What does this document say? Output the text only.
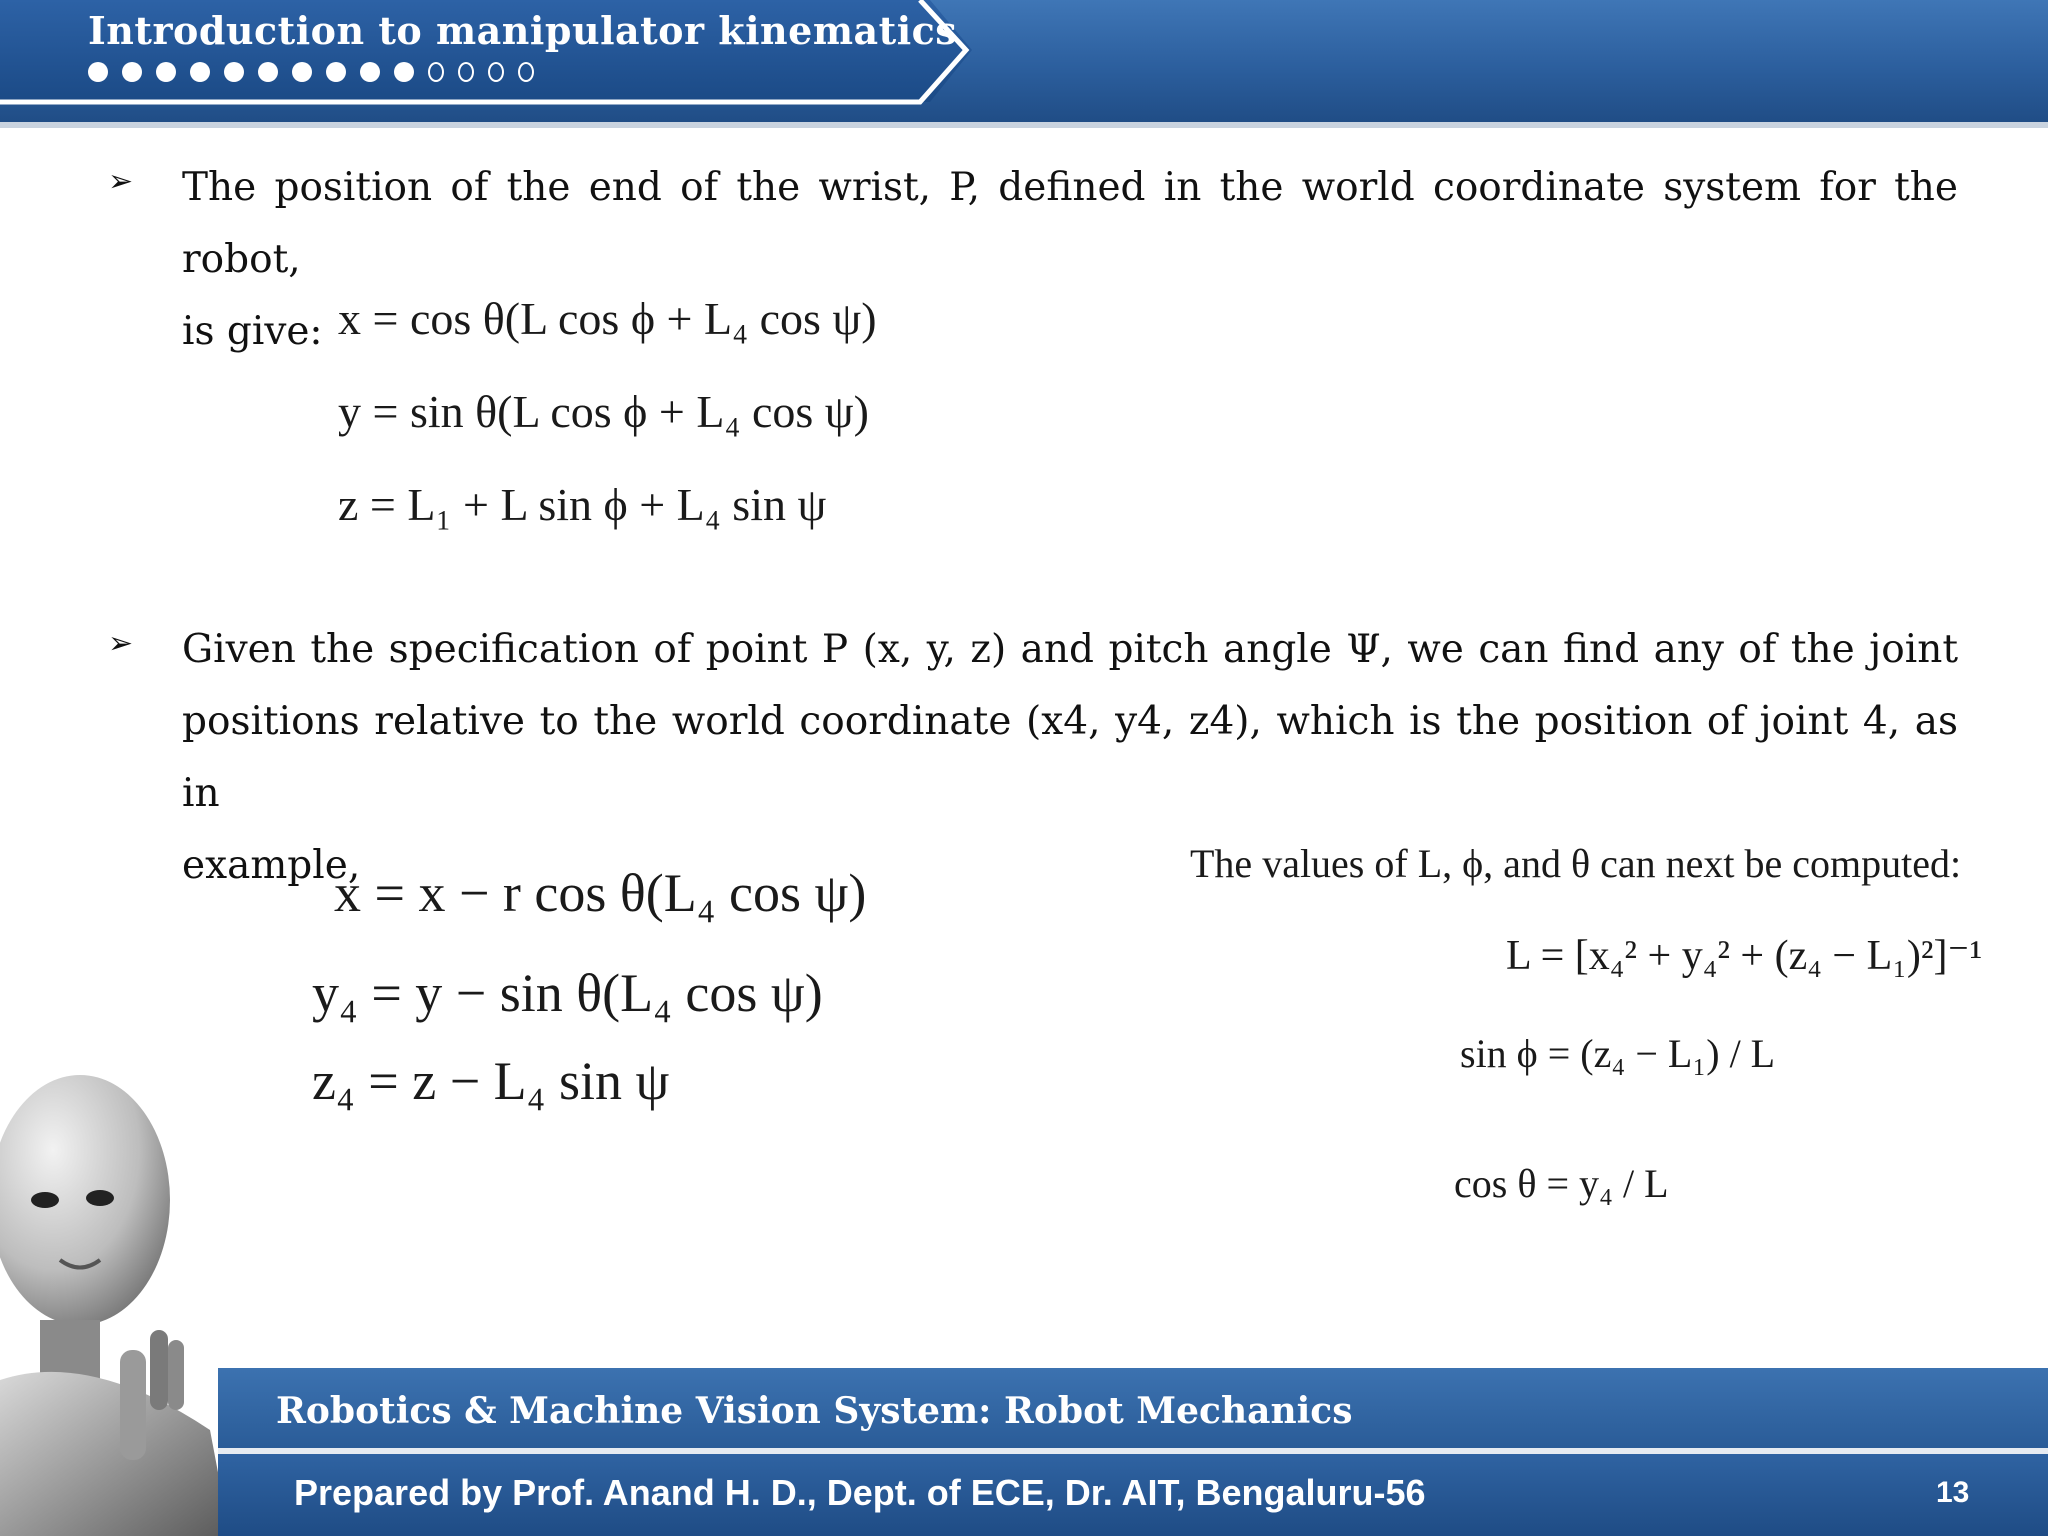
Introduction to manipulator kinematics
➢ The position of the end of the wrist, P, defined in the world coordinate system for the robot,
is give: x = cos θ(L cos ϕ + L₄ cos ψ)
y = sin θ(L cos ϕ + L₄ cos ψ)
z = L₁ + L sin ϕ + L₄ sin ψ
➢ Given the specification of point P (x, y, z) and pitch angle Ψ, we can find any of the joint
positions relative to the world coordinate (x4, y4, z4), which is the position of joint 4, as in
example,
x = x − r cos θ(L₄ cos ψ)
y₄ = y − sin θ(L₄ cos ψ)
z₄ = z − L₄ sin ψ
The values of L, ϕ, and θ can next be computed:
L = [x₄² + y₄² + (z₄ − L₁)²]⁻¹
sin ϕ = (z₄ − L₁) / L
cos θ = y₄ / L
Robotics & Machine Vision System: Robot Mechanics
Prepared by Prof. Anand H. D., Dept. of ECE, Dr. AIT, Bengaluru-56	13
